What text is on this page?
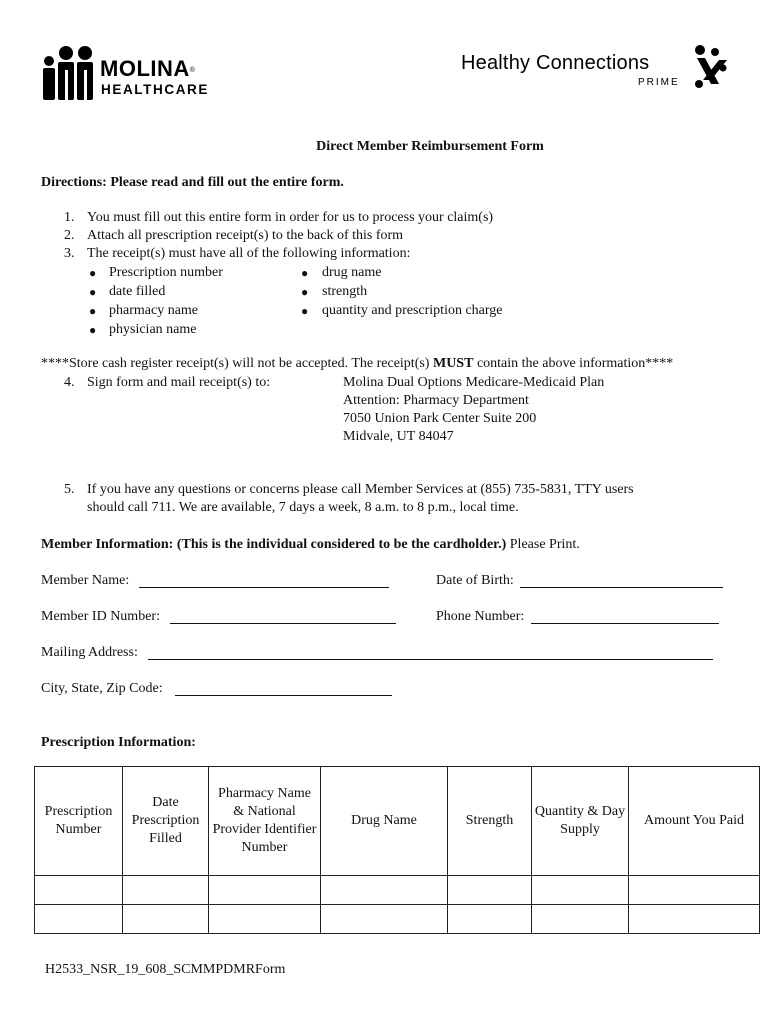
MOLINA®
HEALTHCARE
Healthy Connections
PRIME
Direct Member Reimbursement Form
Directions: Please read and fill out the entire form.
1. You must fill out this entire form in order for us to process your claim(s)
2. Attach all prescription receipt(s) to the back of this form
3. The receipt(s) must have all of the following information:
● Prescription number
● date filled
● pharmacy name
● physician name
● drug name
● strength
● quantity and prescription charge
****Store cash register receipt(s) will not be accepted. The receipt(s) MUST contain the above information****
4. Sign form and mail receipt(s) to:	Molina Dual Options Medicare-Medicaid Plan
Attention: Pharmacy Department
7050 Union Park Center Suite 200
Midvale, UT 84047
5. If you have any questions or concerns please call Member Services at (855) 735-5831, TTY users
should call 711. We are available, 7 days a week, 8 a.m. to 8 p.m., local time.
Member Information: (This is the individual considered to be the cardholder.) Please Print.
Member Name:	Date of Birth:
Member ID Number:	Phone Number:
Mailing Address:
City, State, Zip Code:
Prescription Information:
Prescription Number	Date Prescription Filled	Pharmacy Name & National Provider Identifier Number	Drug Name	Strength	Quantity & Day Supply	Amount You Paid

H2533_NSR_19_608_SCMMPDMRForm
